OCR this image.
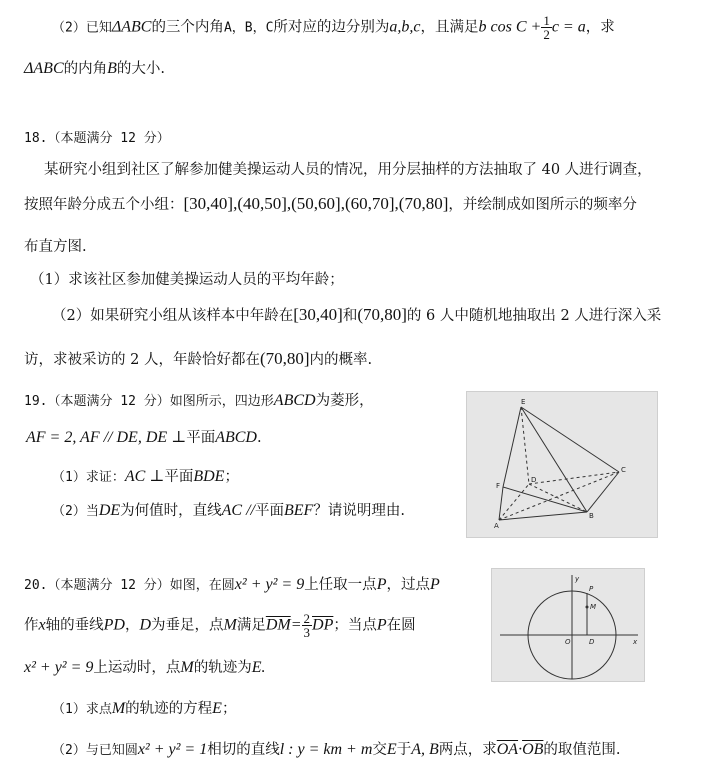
（2）已知ΔABC的三个内角A，B，C所对应的边分别为a,b,c，且满足b $\cos C + \frac{1}{2}$ c = a，求
ΔABC的内角B的大小.
18.（本题满分 12 分）
某研究小组到社区了解参加健美操运动人员的情况，用分层抽样的方法抽取了 40 人进行调查，
按照年龄分成五个小组：[30,40],(40,50],(50,60],(60,70],(70,80]，并绘制成如图所示的频率分
布直方图.
（1）求该社区参加健美操运动人员的平均年龄；
（2）如果研究小组从该样本中年龄在[30,40]和(70,80]的 6 人中随机地抽取出 2 人进行深入采
访，求被采访的 2 人，年龄恰好都在(70,80]内的概率.
19.（本题满分 12 分）如图所示，四边形ABCD为菱形，
AF = 2, AF // DE, DE ⊥平面ABCD.
（1）求证：AC ⊥平面BDE；
（2）当DE为何值时，直线AC //平面BEF？请说明理由.
E
F
D
C
A
B
20.（本题满分 12 分）如图，在圆x² + y² = 9上任取一点P，过点P
作x轴的垂线PD，D为垂足，点M满足$\overline{DM}= \frac{2}{3} \overline{DP}$；当点P在圆
x² + y² = 9上运动时，点M的轨迹为E.
（1）求点M的轨迹的方程E；
（2）与已知圆x² + y² = 1相切的直线l : y = km + m交E于A, B两点，求$\overline{OA}\cdot\overline{OB}$的取值范围.
y
P
M
O	D	x
